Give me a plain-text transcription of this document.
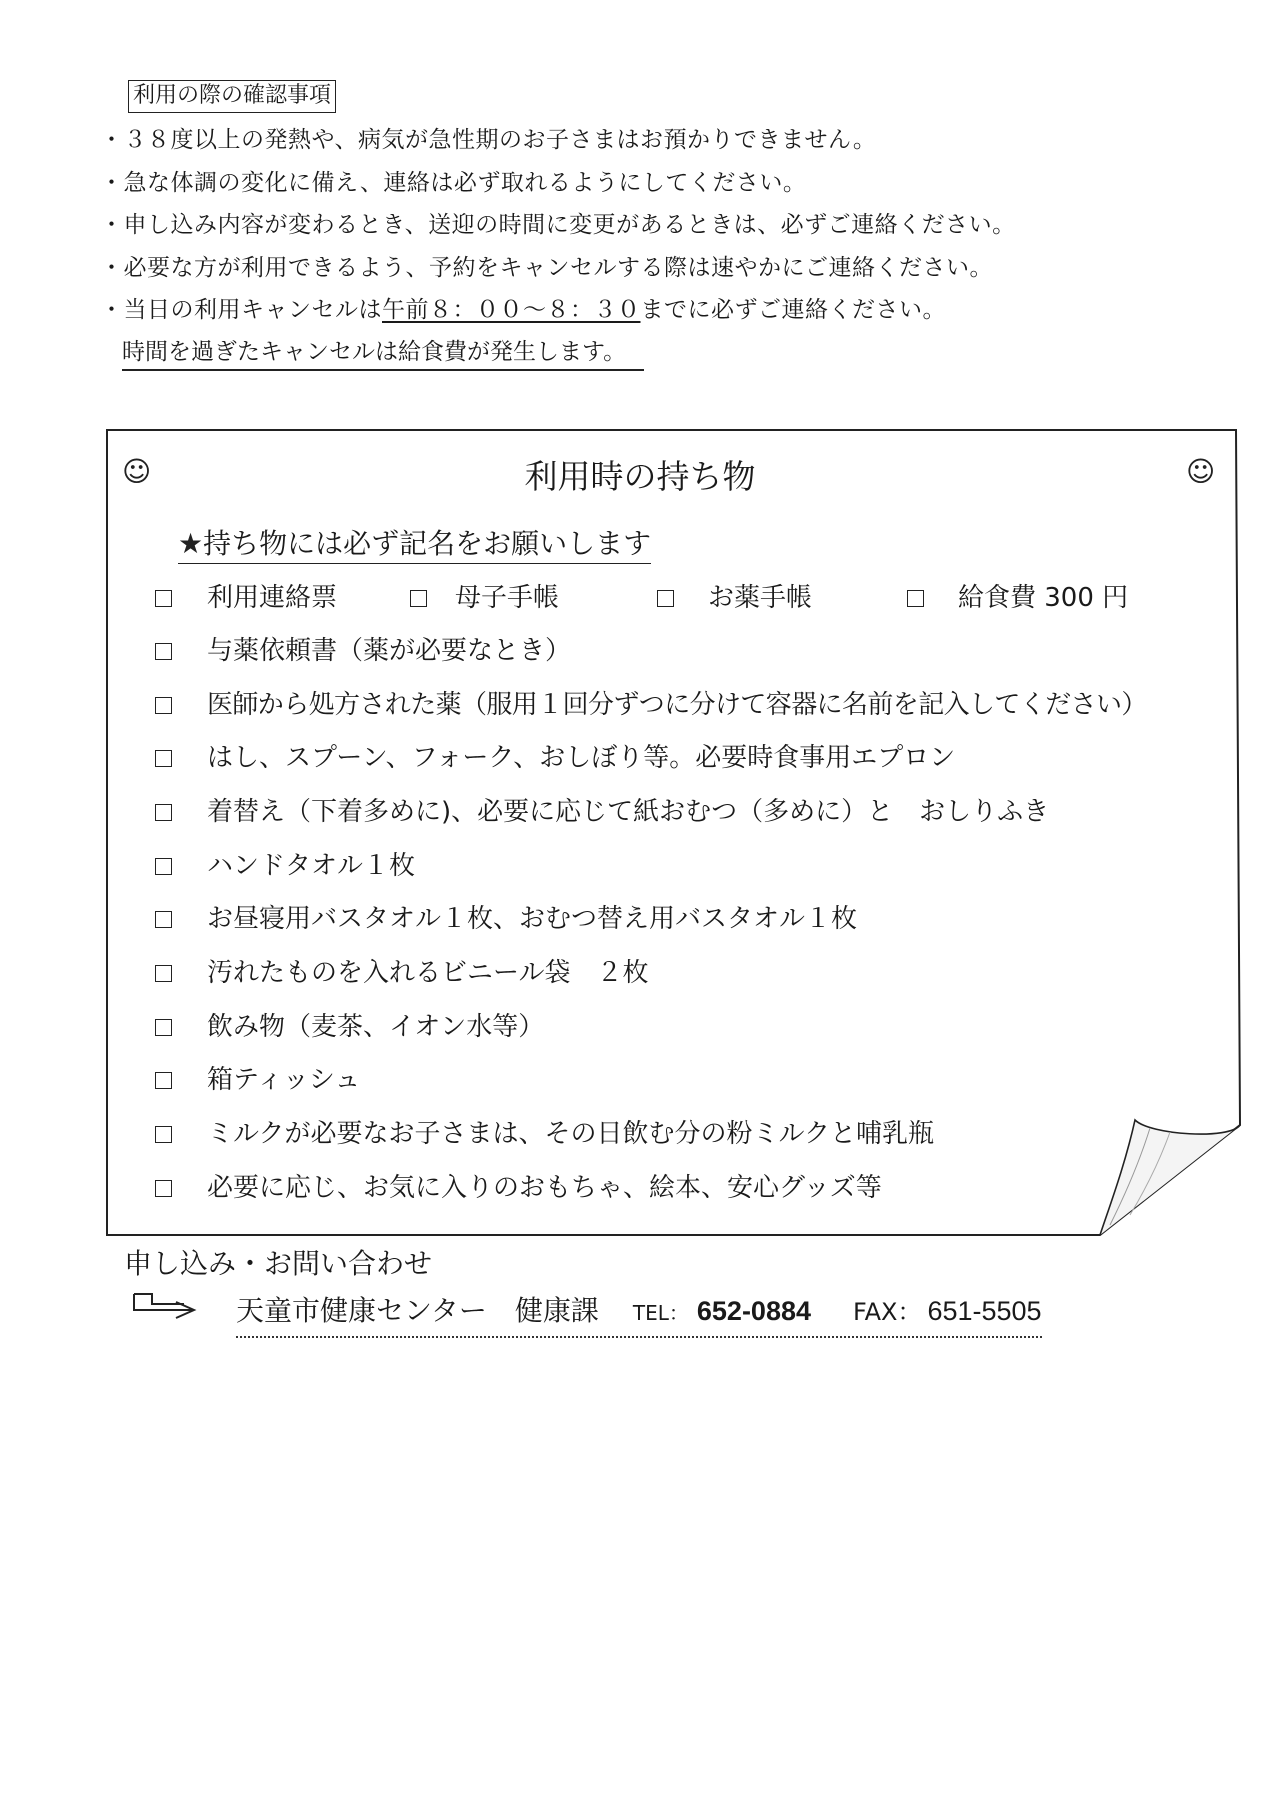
利用の際の確認事項
・３８度以上の発熱や、病気が急性期のお子さまはお預かりできません。
・急な体調の変化に備え、連絡は必ず取れるようにしてください。
・申し込み内容が変わるとき、送迎の時間に変更があるときは、必ずご連絡ください。
・必要な方が利用できるよう、予約をキャンセルする際は速やかにご連絡ください。
・当日の利用キャンセルは午前８：００～８：３０までに必ずご連絡ください。
時間を過ぎたキャンセルは給食費が発生します。
☺	☺
利用時の持ち物
★持ち物には必ず記名をお願いします
利用連絡票	母子手帳	お薬手帳	給食費 300 円
与薬依頼書（薬が必要なとき）
医師から処方された薬（服用１回分ずつに分けて容器に名前を記入してください）
はし、スプーン、フォーク、おしぼり等。必要時食事用エプロン
着替え（下着多めに)、必要に応じて紙おむつ（多めに）と　おしりふき
ハンドタオル１枚
お昼寝用バスタオル１枚、おむつ替え用バスタオル１枚
汚れたものを入れるビニール袋　２枚
飲み物（麦茶、イオン水等）
箱ティッシュ
ミルクが必要なお子さまは、その日飲む分の粉ミルクと哺乳瓶
必要に応じ、お気に入りのおもちゃ、絵本、安心グッズ等
申し込み・お問い合わせ
天童市健康センター　健康課 TEL： 652-0884 FAX： 651-5505
